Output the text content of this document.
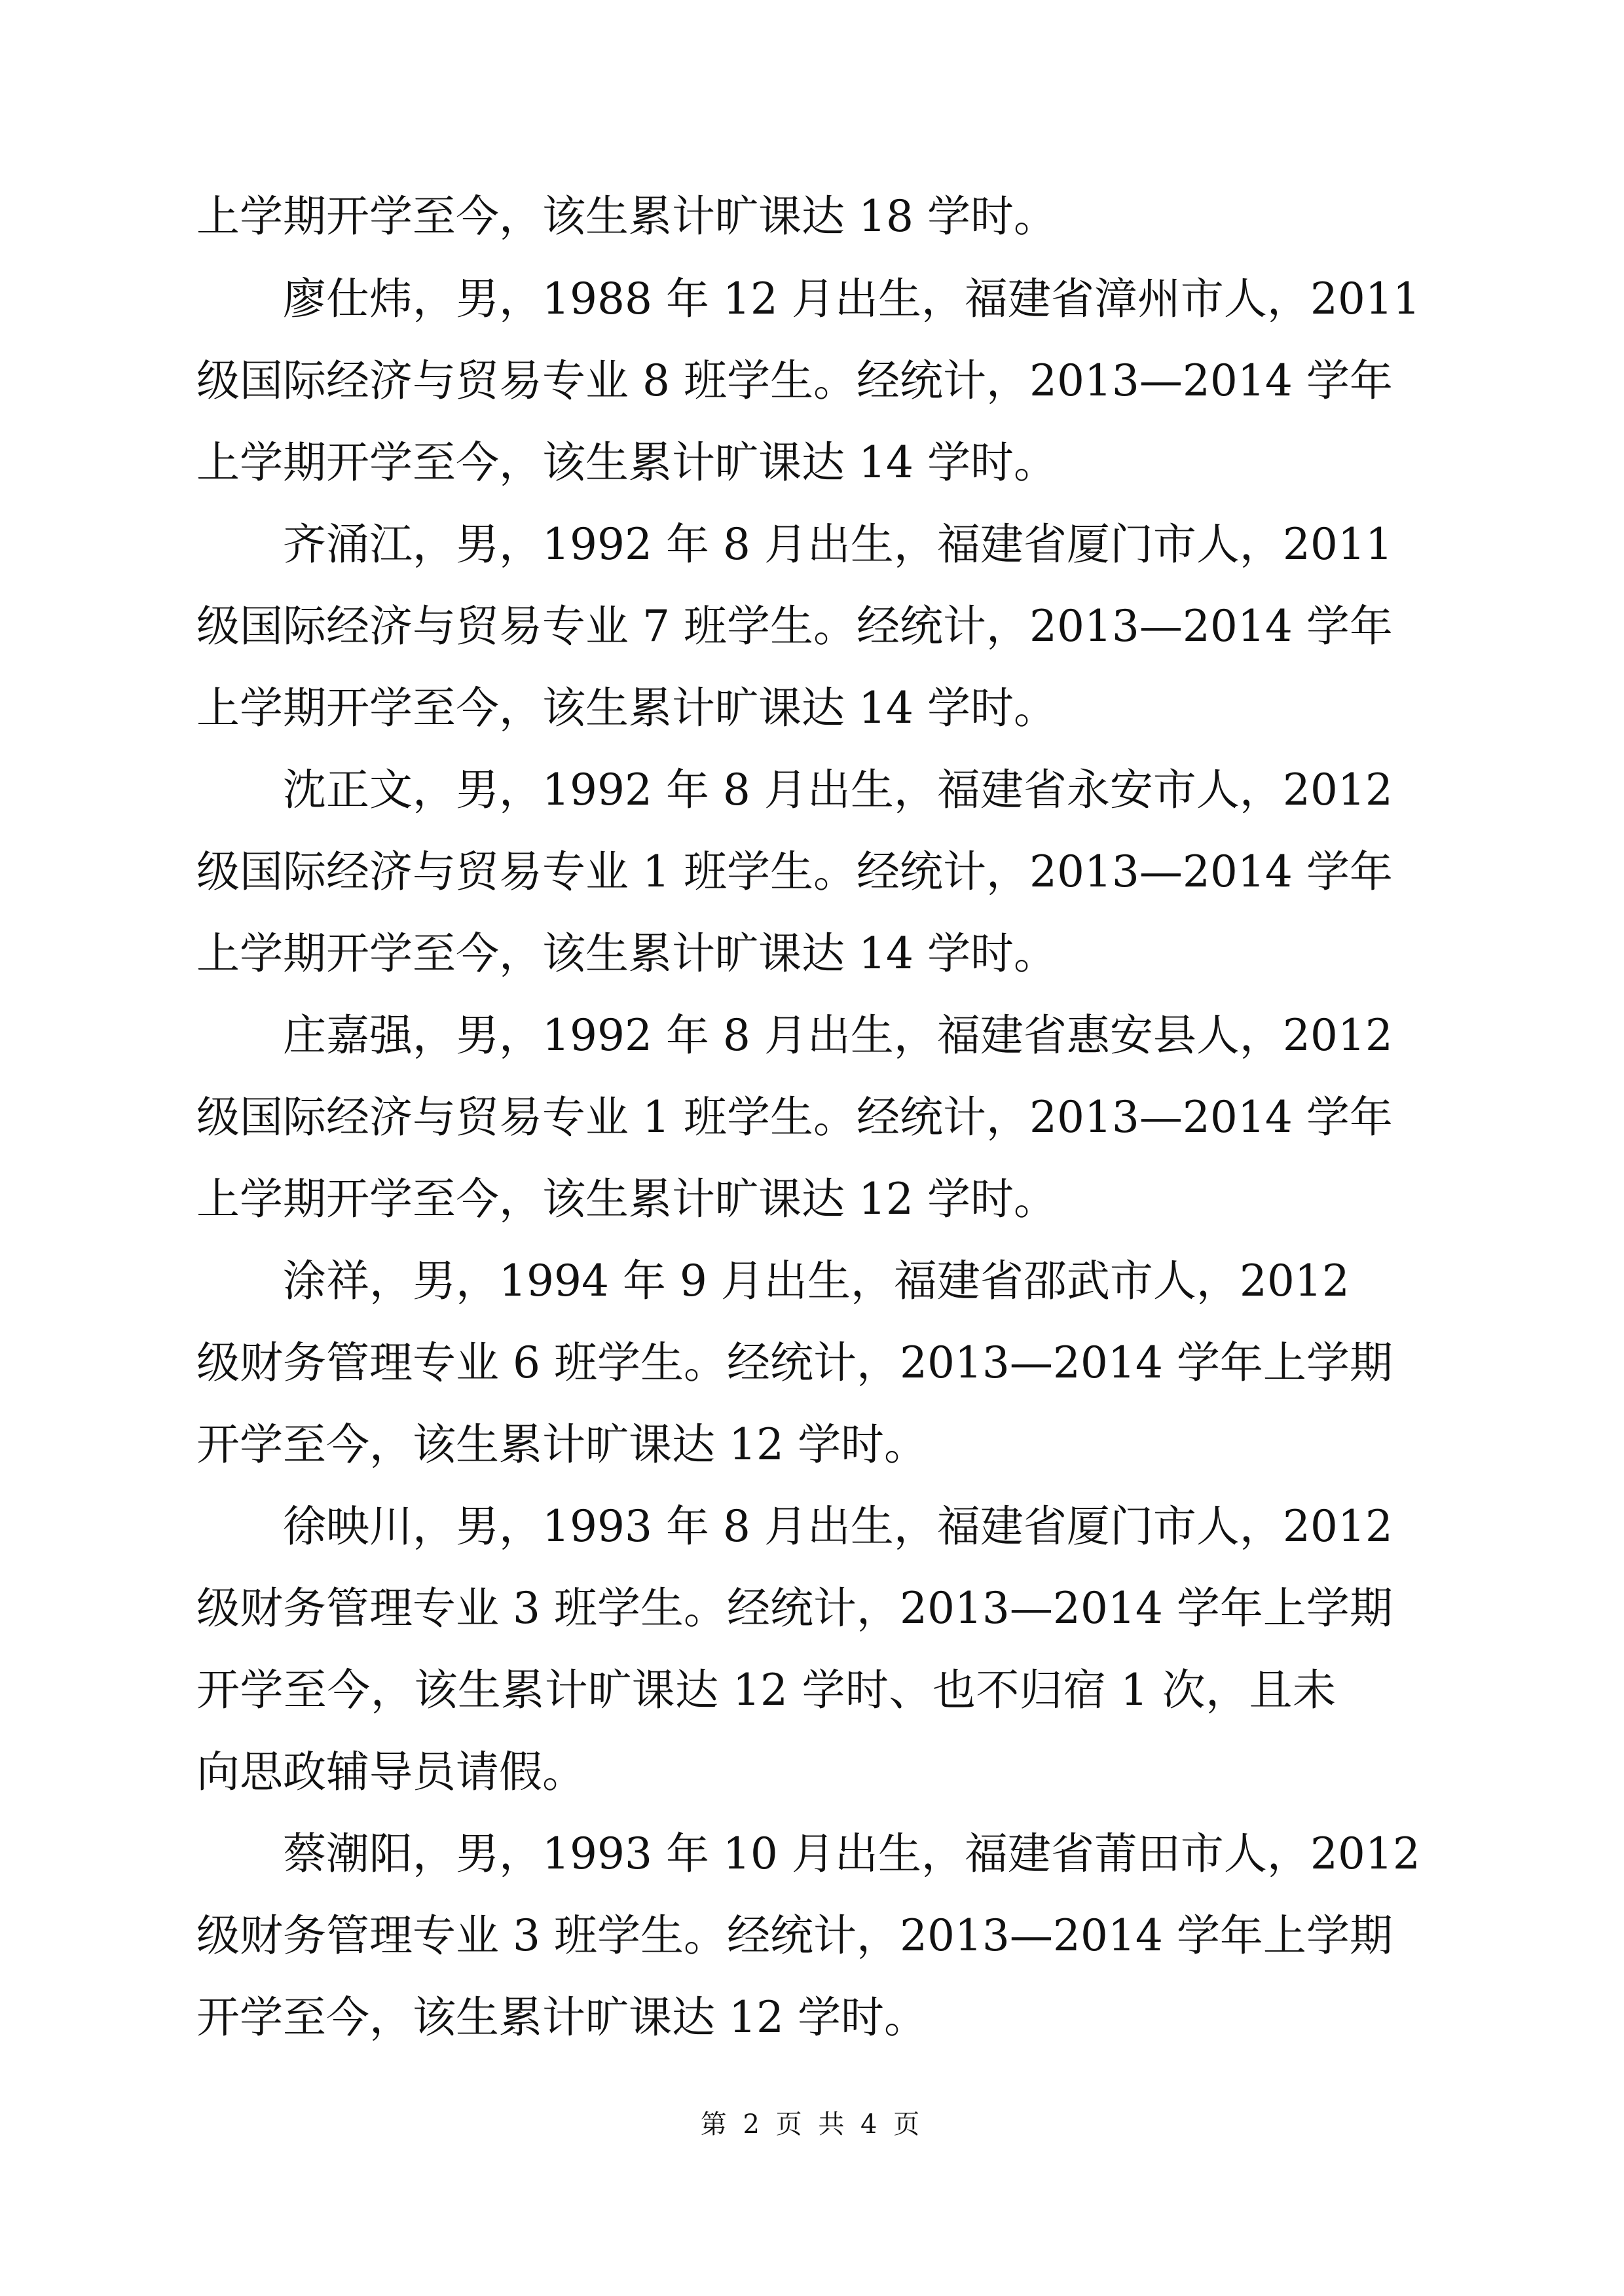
上学期开学至今，该生累计旷课达 18 学时。
廖仕炜，男，1988 年 12 月出生，福建省漳州市人，2011
级国际经济与贸易专业 8 班学生。经统计，2013—2014 学年
上学期开学至今，该生累计旷课达 14 学时。
齐涌江，男，1992 年 8 月出生，福建省厦门市人，2011
级国际经济与贸易专业 7 班学生。经统计，2013—2014 学年
上学期开学至今，该生累计旷课达 14 学时。
沈正文，男，1992 年 8 月出生，福建省永安市人，2012
级国际经济与贸易专业 1 班学生。经统计，2013—2014 学年
上学期开学至今，该生累计旷课达 14 学时。
庄嘉强，男，1992 年 8 月出生，福建省惠安县人，2012
级国际经济与贸易专业 1 班学生。经统计，2013—2014 学年
上学期开学至今，该生累计旷课达 12 学时。
涂祥，男，1994 年 9 月出生，福建省邵武市人，2012
级财务管理专业 6 班学生。经统计，2013—2014 学年上学期
开学至今，该生累计旷课达 12 学时。
徐映川，男，1993 年 8 月出生，福建省厦门市人，2012
级财务管理专业 3 班学生。经统计，2013—2014 学年上学期
开学至今，该生累计旷课达 12 学时、也不归宿 1 次，且未
向思政辅导员请假。
蔡潮阳，男，1993 年 10 月出生，福建省莆田市人，2012
级财务管理专业 3 班学生。经统计，2013—2014 学年上学期
开学至今，该生累计旷课达 12 学时。
第 2 页 共 4 页
